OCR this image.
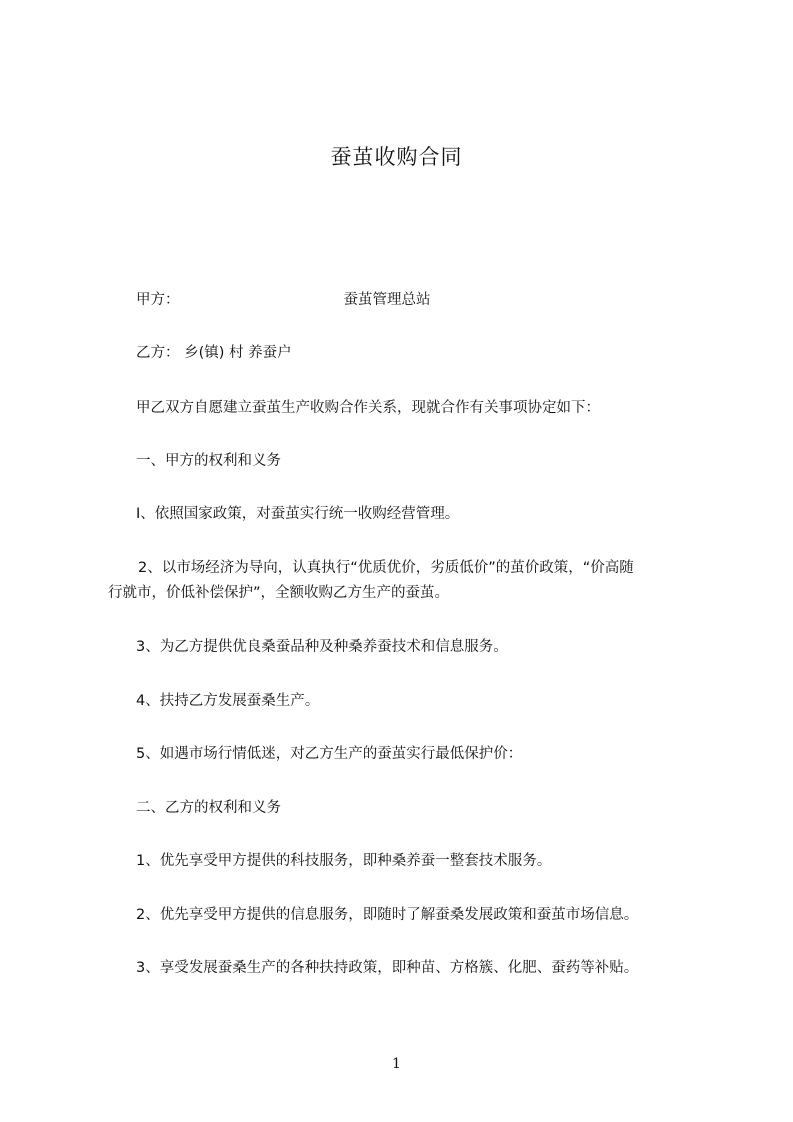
蚕茧收购合同

甲方：	蚕茧管理总站

乙方： 乡(镇) 村 养蚕户

甲乙双方自愿建立蚕茧生产收购合作关系，现就合作有关事项协定如下：

一、甲方的权利和义务

I、依照国家政策，对蚕茧实行统一收购经营管理。

2、以市场经济为导向，认真执行“优质优价，劣质低价”的茧价政策，“价高随

行就市，价低补偿保护”，全额收购乙方生产的蚕茧。

3、为乙方提供优良桑蚕品种及种桑养蚕技术和信息服务。

4、扶持乙方发展蚕桑生产。

5、如遇市场行情低迷，对乙方生产的蚕茧实行最低保护价：

二、乙方的权利和义务

1、优先享受甲方提供的科技服务，即种桑养蚕一整套技术服务。

2、优先享受甲方提供的信息服务，即随时了解蚕桑发展政策和蚕茧市场信息。

3、享受发展蚕桑生产的各种扶持政策，即种苗、方格簇、化肥、蚕药等补贴。

1
